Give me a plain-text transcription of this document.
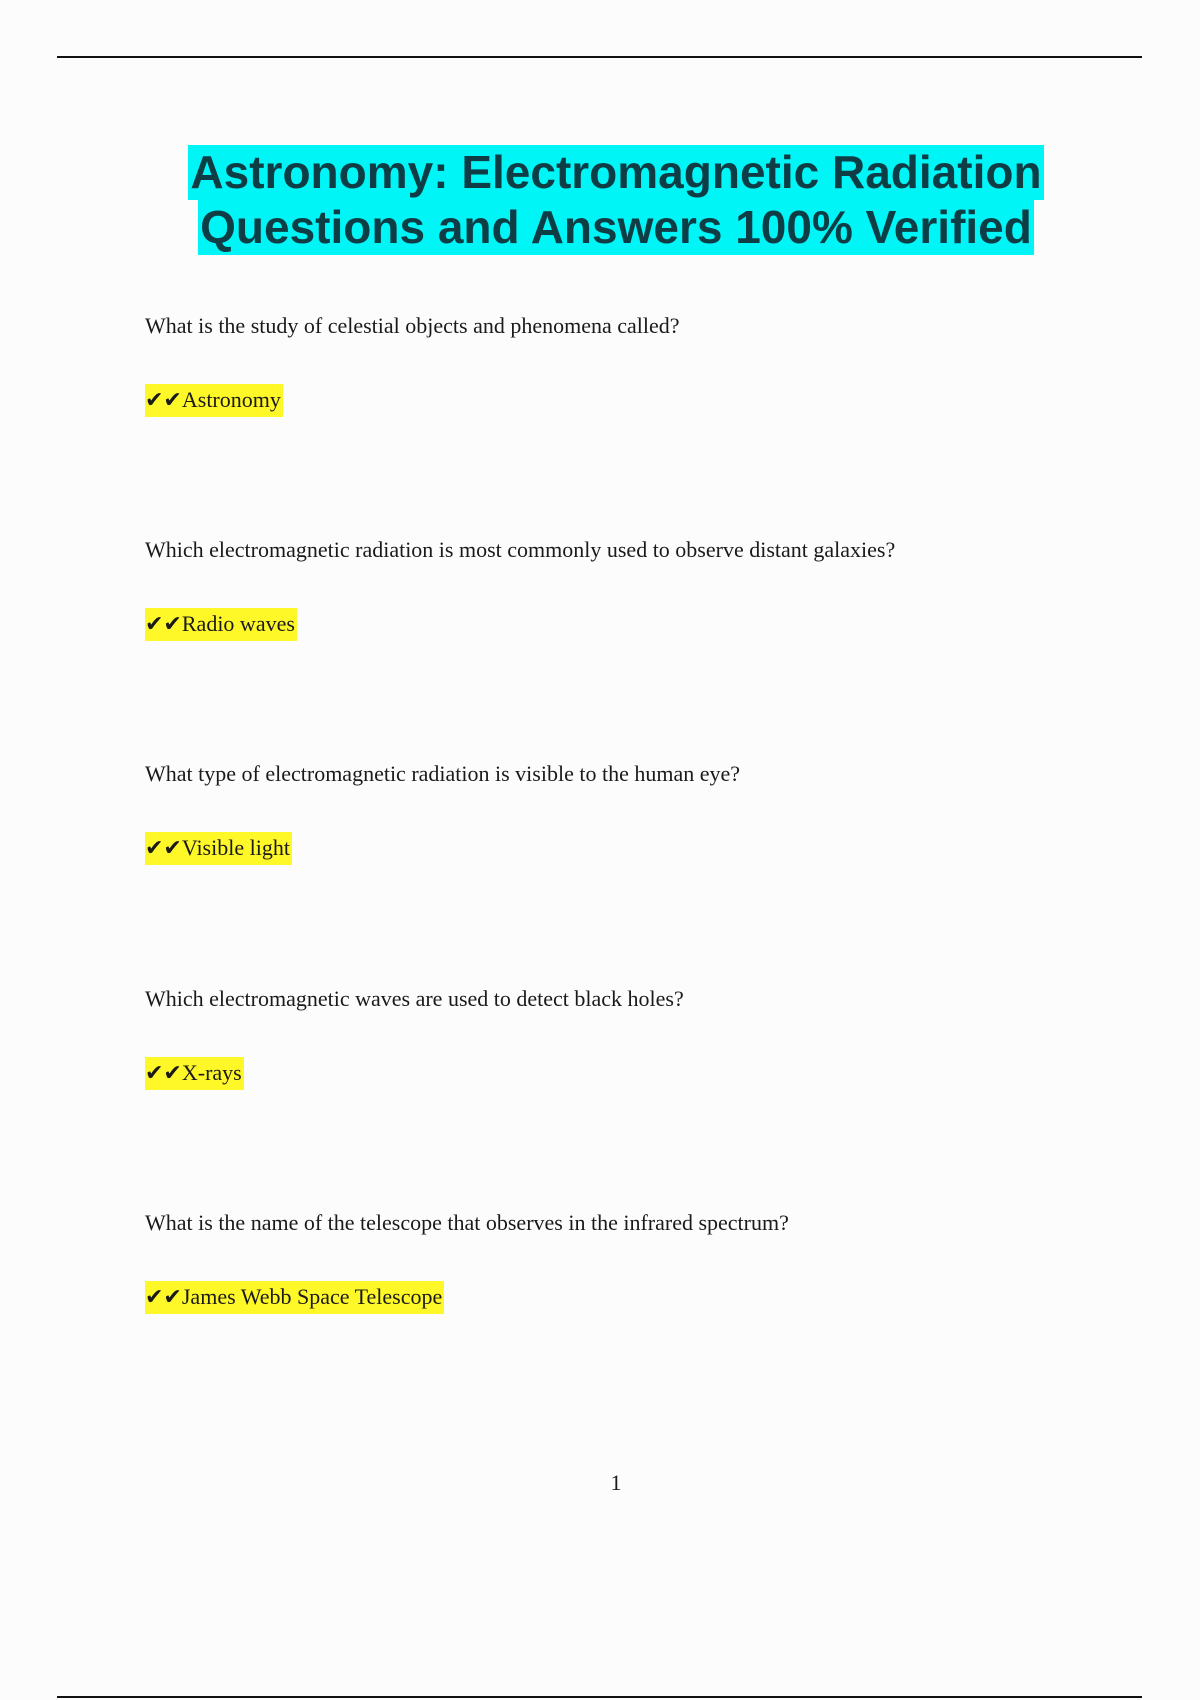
Astronomy: Electromagnetic Radiation
Questions and Answers 100% Verified
What is the study of celestial objects and phenomena called?
✔✔Astronomy
Which electromagnetic radiation is most commonly used to observe distant galaxies?
✔✔Radio waves
What type of electromagnetic radiation is visible to the human eye?
✔✔Visible light
Which electromagnetic waves are used to detect black holes?
✔✔X-rays
What is the name of the telescope that observes in the infrared spectrum?
✔✔James Webb Space Telescope
1
